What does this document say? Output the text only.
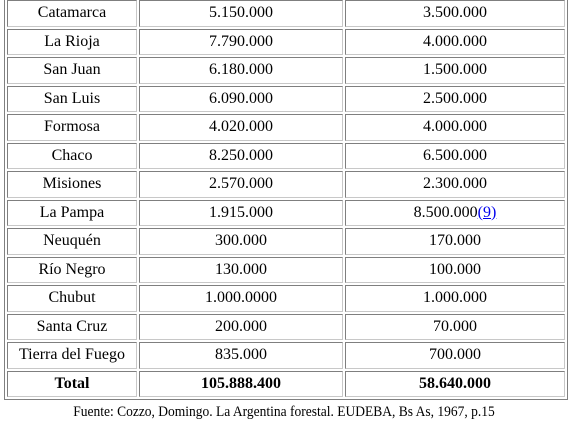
Catamarca	5.150.000	3.500.000
La Rioja	7.790.000	4.000.000
San Juan	6.180.000	1.500.000
San Luis	6.090.000	2.500.000
Formosa	4.020.000	4.000.000
Chaco	8.250.000	6.500.000
Misiones	2.570.000	2.300.000
La Pampa	1.915.000	8.500.000(9)
Neuquén	300.000	170.000
Río Negro	130.000	100.000
Chubut	1.000.0000	1.000.000
Santa Cruz	200.000	70.000
Tierra del Fuego	835.000	700.000
Total	105.888.400	58.640.000
Fuente: Cozzo, Domingo. La Argentina forestal. EUDEBA, Bs As, 1967, p.15
